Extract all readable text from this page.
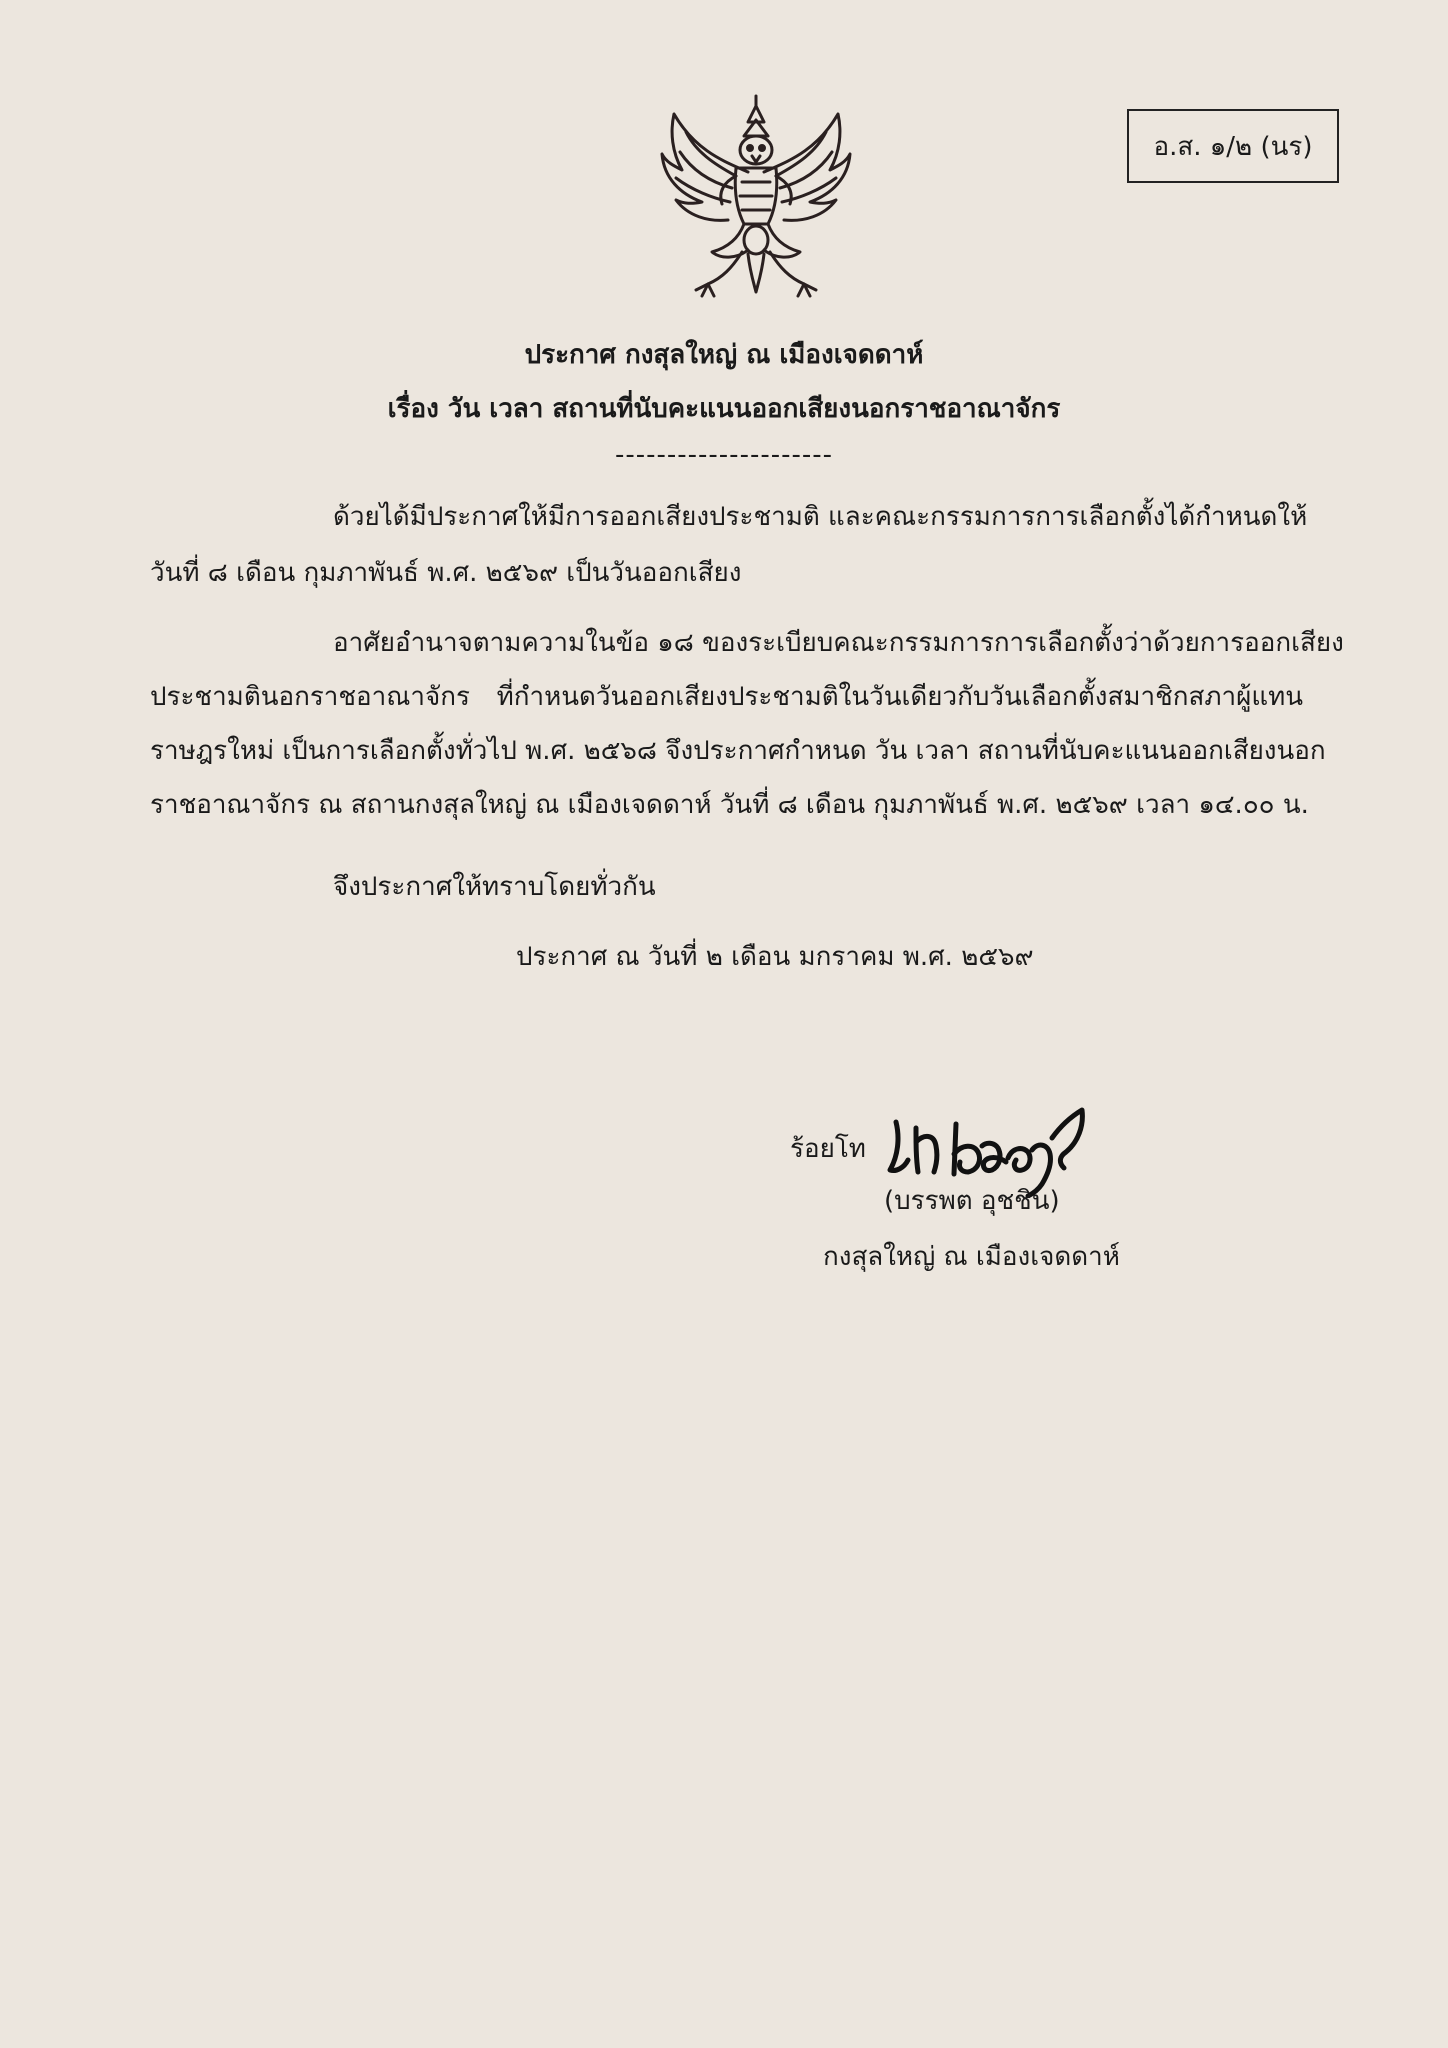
อ.ส. ๑/๒ (นร)
ประกาศ กงสุลใหญ่ ณ เมืองเจดดาห์
เรื่อง วัน เวลา สถานที่นับคะแนนออกเสียงนอกราชอาณาจักร
---------------------
ด้วยได้มีประกาศให้มีการออกเสียงประชามติ และคณะกรรมการการเลือกตั้งได้กำหนดให้
วันที่ ๘ เดือน กุมภาพันธ์ พ.ศ. ๒๕๖๙ เป็นวันออกเสียง
อาศัยอำนาจตามความในข้อ ๑๘ ของระเบียบคณะกรรมการการเลือกตั้งว่าด้วยการออกเสียง
ประชามตินอกราชอาณาจักร ที่กำหนดวันออกเสียงประชามติในวันเดียวกับวันเลือกตั้งสมาชิกสภาผู้แทน
ราษฎรใหม่ เป็นการเลือกตั้งทั่วไป พ.ศ. ๒๕๖๘ จึงประกาศกำหนด วัน เวลา สถานที่นับคะแนนออกเสียงนอก
ราชอาณาจักร ณ สถานกงสุลใหญ่ ณ เมืองเจดดาห์ วันที่ ๘ เดือน กุมภาพันธ์ พ.ศ. ๒๕๖๙ เวลา ๑๔.๐๐ น.
จึงประกาศให้ทราบโดยทั่วกัน
ประกาศ ณ วันที่ ๒ เดือน มกราคม พ.ศ. ๒๕๖๙
ร้อยโท
(บรรพต อุชชิน)
กงสุลใหญ่ ณ เมืองเจดดาห์
